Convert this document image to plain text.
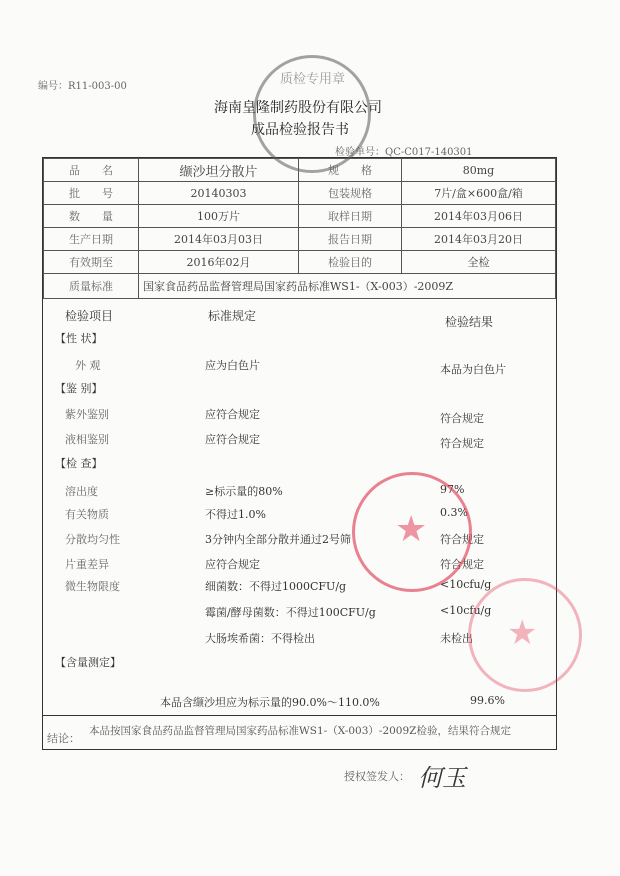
编号：R11-003-00
海南皇隆制药股份有限公司
成品检验报告书
检验单号：QC-C017-140301
品　　名	缬沙坦分散片	规　　格	80mg
批　　号	20140303	包装规格	7片/盒×600盒/箱
数　　量	100万片	取样日期	2014年03月06日
生产日期	2014年03月03日	报告日期	2014年03月20日
有效期至	2016年02月	检验目的	全检
质量标准	国家食品药品监督管理局国家药品标准WS1-（X-003）-2009Z		
检验项目	标准规定	检验结果
【性 状】
外 观	应为白色片	本品为白色片
【鉴 别】
紫外鉴别	应符合规定	符合规定
液相鉴别	应符合规定	符合规定
【检 查】
溶出度	≥标示量的80%	97%
有关物质	不得过1.0%	0.3%
分散均匀性	3分钟内全部分散并通过2号筛	符合规定
片重差异	应符合规定	符合规定
微生物限度	细菌数：不得过1000CFU/g	<10cfu/g
霉菌/酵母菌数：不得过100CFU/g	<10cfu/g
大肠埃希菌：不得检出	未检出
【含量测定】
本品含缬沙坦应为标示量的90.0%～110.0%	99.6%
结论：
本品按国家食品药品监督管理局国家药品标准WS1-（X-003）-2009Z检验，结果符合规定
授权签发人： 何玉
质检专用章
★
★
